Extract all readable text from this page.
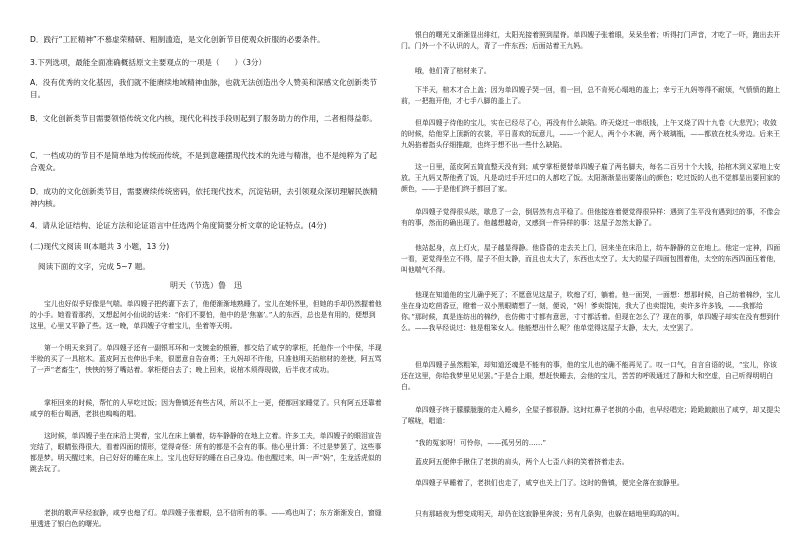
D．践行“工匠精神”不慕虚荣精研、粗制滥造，是文化创新节目使观众折服的必要条件。

3.下列选项，最能全面准确概括原文主要观点的一项是（　　）（3分）

A．没有优秀的文化基因，我们就不能赓续地域精神血脉，也就无法创造出令人赞美和深感文化创新类节目。

B．文化创新类节目需要领悟传统文化内核，现代化科技手段则起到了服务助力的作用，二者相得益彰。

C．一档成功的节目不是简单地为传统而传统，不是到意趣摆现代技术的先进与精准，也不是纯粹为了起合观众。

D．成功的文化创新类节目，需要赓续传统密码，依托现代技术，沉淀钻研，去引领观众深切理解民族精神内核。

4．请从论证结构、论证方法和论证语言中任选两个角度简要分析文章的论证特点。(4分)

(二)现代文阅读 II(本题共 3 小题，13 分)

阅读下面的文字，完成 5~7 题。

明天（节选）鲁　迅

宝儿也好似乎好像是气喘。单四嫂子把药灌下去了，他便渐渐地熟睡了。宝儿在她怀里，但她的手却仍然握着他的小手。她看看那药，又想起何小仙说的话来：“你们不要怕，他中的是‘焦塞’。”人的东西，总也是有用的，便想到这里，心里又平静了些。这一晚，单四嫂子守着宝儿，坐着等天明。

第一个明天来到了。单四嫂子还有一副银耳环和一支镀金的银簪，都交给了咸亨的掌柜，托他作一个中保，半现半赊的买了一具棺木。蓝皮阿五也伸出手来，很愿意自告奋勇；王九妈却不许他，只准他明天抬棺材的差使，阿五骂了一声“老畜生”，怏怏的努了嘴站着。掌柜便自去了；晚上回来，说棺木须得现做，后半夜才成功。

掌柜回来的时候，帮忙的人早吃过饭；因为鲁镇还有些古风，所以不上一更，便都回家睡觉了。只有阿五还靠着咸亨的柜台喝酒，老拱也嗚嗚的唱。

这时候，单四嫂子坐在床沿上哭着，宝儿在床上躺着，纺车静静的在地上立着。许多工夫，单四嫂子的眼泪宣告完结了，眼睛张得很大，看着四面的情形，觉得奇怪：所有的都是不会有的事。他心里计算：不过是梦罢了，这些事都是梦。明天醒过来，自己好好的睡在床上，宝儿也好好的睡在自己身边。他也醒过来，叫一声“妈”，生龙活虎似的跳去玩了。

老拱的歌声早经寂静，咸亨也熄了灯。单四嫂子张着眼，总不信所有的事。——鸡也叫了；东方渐渐发白，窗缝里透进了银白色的曙光。

银白的曙光又渐渐显出绯红，太阳光接着照到屋脊。单四嫂子张着眼，呆呆坐着；听得打门声音，才吃了一吓，跑出去开门。门外一个不认识的人，背了一件东西；后面站着王九妈。

哦，他们背了棺材来了。

下半天，棺木才合上盖；因为单四嫂子哭一回，看一回，总不肯死心塌地的盖上；幸亏王九妈等得不耐烦，气愤愤的跑上前，一把拖开他，才七手八脚的盖上了。

但单四嫂子待他的宝儿，实在已经尽了心，再没有什么缺陷。昨天烧过一串纸钱，上午又烧了四十九卷《大悲咒》；收敛的时候，给他穿上顶新的衣裳，平日喜欢的玩意儿，——一个泥人，两个小木碗，两个玻璃瓶，——都放在枕头旁边。后来王九妈掐着指头仔细推敲，也终于想不出一些什么缺陷。

这一日里，蓝皮阿五简直整天没有到；咸亨掌柜便替单四嫂子雇了两名脚夫，每名二百另十个大钱，抬棺木到义冢地上安放。王九妈又帮他煮了饭，凡是动过手开过口的人都吃了饭。太阳渐渐显出要落山的颜色；吃过饭的人也不觉都显出要回家的颜色，——于是他们终于都回了家。

单四嫂子觉得很头眩，歇息了一会，倒居然有点平稳了。但他接连着便觉得很异样：遇到了生平没有遇到过的事，不像会有的事，然而的确出现了。他越想越奇，又感到一件异样的事：这屋子忽然太静了。

他站起身，点上灯火，屋子越显得静。他昏昏的走去关上门，回来坐在床沿上，纺车静静的立在地上。他定一定神，四面一看，更觉得坐立不得，屋子不但太静，而且也太大了，东西也太空了。太大的屋子四面包围着他，太空的东西四面压着他，叫他喘气不得。

他现在知道他的宝儿确乎死了；不愿意见这屋子，吹熄了灯，躺着。他一面哭，一面想：想那时候，自己纺着棉纱，宝儿坐在身边吃茴香豆，瞪着一双小黑眼睛想了一刻，便说，“妈！爹卖馄饨，我大了也卖馄饨，卖许多许多钱，——我都给你。”那时候，真是连纺出的棉纱，也仿佛寸寸都有意思，寸寸都活着。但现在怎么了？现在的事，单四嫂子却实在没有想到什么。——我早经说过：他是粗笨女人。他能想出什么呢？他单觉得这屋子太静，太大，太空罢了。

但单四嫂子虽然粗笨，却知道还魂是不能有的事，他的宝儿也的确不能再见了。叹一口气，自言自语的说，“宝儿，你该还在这里，你给我梦里见见罢。”于是合上眼，想赶快睡去，会他的宝儿，苦苦的呼吸通过了静和大和空虚，自己听得明明白白。

单四嫂子终于朦朦胧胧的走入睡乡，全屋子都很静。这时红鼻子老拱的小曲，也早经唱完；跄跄踉踉出了咸亨，却又提尖了喉咙，唱道：

“我的冤家呀！可怜你，——孤另另的……”

蓝皮阿五便伸手揪住了老拱的肩头，两个人七歪八斜的笑着挤着走去。

单四嫂子早睡着了，老拱们也走了，咸亨也关上门了。这时的鲁镇，便完全落在寂静里。

只有那暗夜为想变成明天，却仍在这寂静里奔波；另有几条狗，也躲在暗地里呜呜的叫。
